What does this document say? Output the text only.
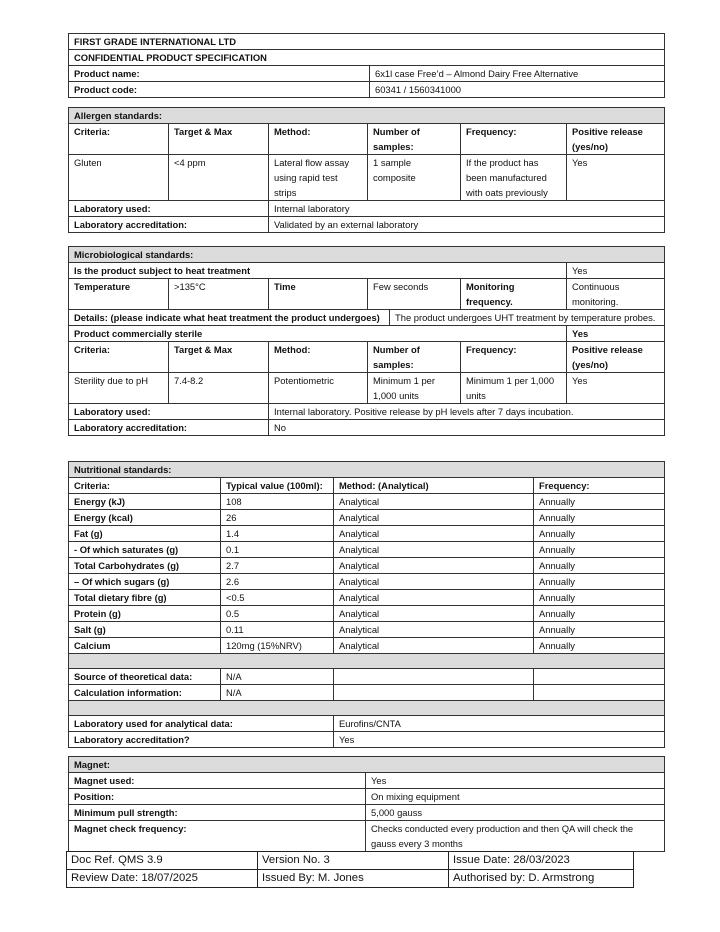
FIRST GRADE INTERNATIONAL LTD	
CONFIDENTIAL PRODUCT SPECIFICATION	
Product name:	6x1l case Free’d – Almond Dairy Free Alternative
Product code:	60341 / 1560341000
Allergen standards:					
Criteria:	Target & Max	Method:	Number of samples:	Frequency:	Positive release (yes/no)
Gluten	<4 ppm	Lateral flow assay using rapid test strips	1 sample composite	If the product has been manufactured with oats previously	Yes
Laboratory used:		Internal laboratory			
Laboratory accreditation:		Validated by an external laboratory			
Microbiological standards:						
Is the product subject to heat treatment						Yes
Temperature	>135°C	Time	Few seconds		Monitoring frequency.	Continuous monitoring.
Details: (please indicate what heat treatment the product undergoes)				The product undergoes UHT treatment by temperature probes.		
Product commercially sterile						Yes
Criteria:	Target & Max	Method:	Number of samples:		Frequency:	Positive release (yes/no)
Sterility due to pH	7.4-8.2	Potentiometric	Minimum 1 per 1,000 units		Minimum 1 per 1,000 units	Yes
Laboratory used:		Internal laboratory. Positive release by pH levels after 7 days incubation.				
Laboratory accreditation:		No				
Nutritional standards:			
Criteria:	Typical value (100ml):	Method: (Analytical)	Frequency:
Energy (kJ)	108	Analytical	Annually
Energy (kcal)	26	Analytical	Annually
Fat (g)	1.4	Analytical	Annually
- Of which saturates (g)	0.1	Analytical	Annually
Total Carbohydrates (g)	2.7	Analytical	Annually
– Of which sugars (g)	2.6	Analytical	Annually
Total dietary fibre (g)	<0.5	Analytical	Annually
Protein (g)	0.5	Analytical	Annually
Salt (g)	0.11	Analytical	Annually
Calcium	120mg (15%NRV)	Analytical	Annually

Source of theoretical data:	N/A		
Calculation information:	N/A		

Laboratory used for analytical data:		Eurofins/CNTA	
Laboratory accreditation?		Yes	
Magnet:	
Magnet used:	Yes
Position:	On mixing equipment
Minimum pull strength:	5,000 gauss
Magnet check frequency:	Checks conducted every production and then QA will check the gauss every 3 months
Doc Ref. QMS 3.9	Version No. 3	Issue Date: 28/03/2023
Review Date: 18/07/2025	Issued By: M. Jones	Authorised by: D. Armstrong
